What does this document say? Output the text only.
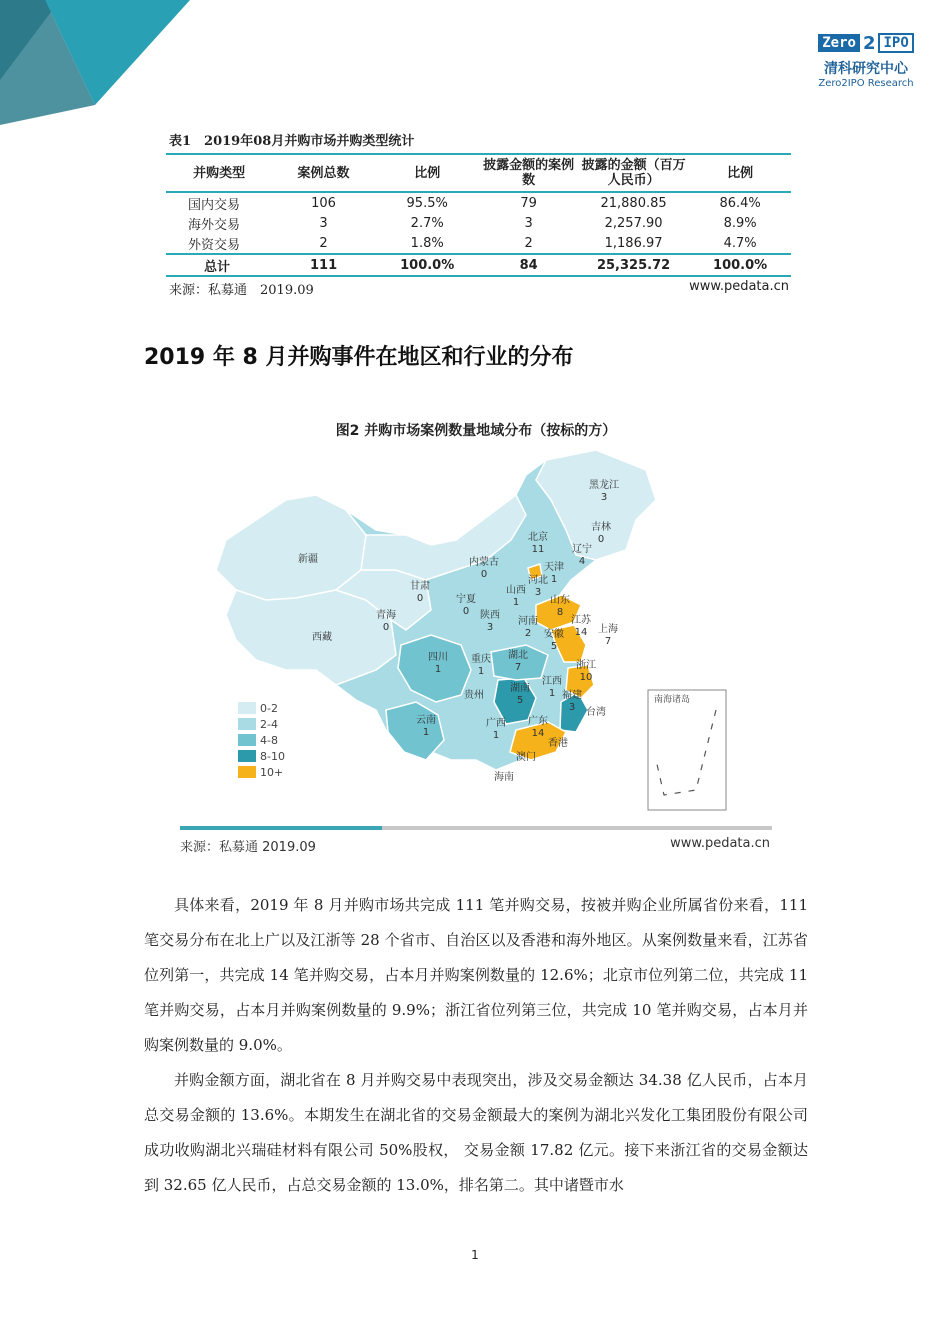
Zero 2 IPO
清科研究中心
Zero2IPO Research
表1　2019年08月并购市场并购类型统计
并购类型	案例总数	比例	披露金额的案例数	披露的金额（百万人民币）	比例
国内交易	106	95.5%	79	21,880.85	86.4%
海外交易	3	2.7%	3	2,257.90	8.9%
外资交易	2	1.8%	2	1,186.97	4.7%
总计	111	100.0%	84	25,325.72	100.0%
来源：私募通　2019.09	www.pedata.cn
2019 年 8 月并购事件在地区和行业的分布
图2 并购市场案例数量地域分布（按标的方）
0-2
2-4
4-8
8-10
10+
南海诸岛
黑龙江
3
吉林
0
辽宁
4
北京
11
天津
1
河北
3
内蒙古
0
新疆
甘肃
0	宁夏
0
山西
1	山东
8
青海
0
陕西
3
河南
2
江苏
14 上海
7
安徽
5
西藏
四川
1
重庆
1
湖北
7	浙江
10
贵州
湖南
5
江西
1 福建
3 台湾
云南
1
广西
1
广东
14
香港
澳门
海南
来源：私募通 2019.09	www.pedata.cn

具体来看，2019 年 8 月并购市场共完成 111 笔并购交易，按被并购企业所属省份来看，111 笔交易分布在北上广以及江浙等 28 个省市、自治区以及香港和海外地区。从案例数量来看，江苏省位列第一，共完成 14 笔并购交易，占本月并购案例数量的 12.6%；北京市位列第二位，共完成 11 笔并购交易，占本月并购案例数量的 9.9%；浙江省位列第三位，共完成 10 笔并购交易，占本月并购案例数量的 9.0%。

并购金额方面，湖北省在 8 月并购交易中表现突出，涉及交易金额达 34.38 亿人民币，占本月总交易金额的 13.6%。本期发生在湖北省的交易金额最大的案例为湖北兴发化工集团股份有限公司成功收购湖北兴瑞硅材料有限公司 50%股权， 交易金额 17.82 亿元。接下来浙江省的交易金额达到 32.65 亿人民币，占总交易金额的 13.0%，排名第二。其中诸暨市水

1
